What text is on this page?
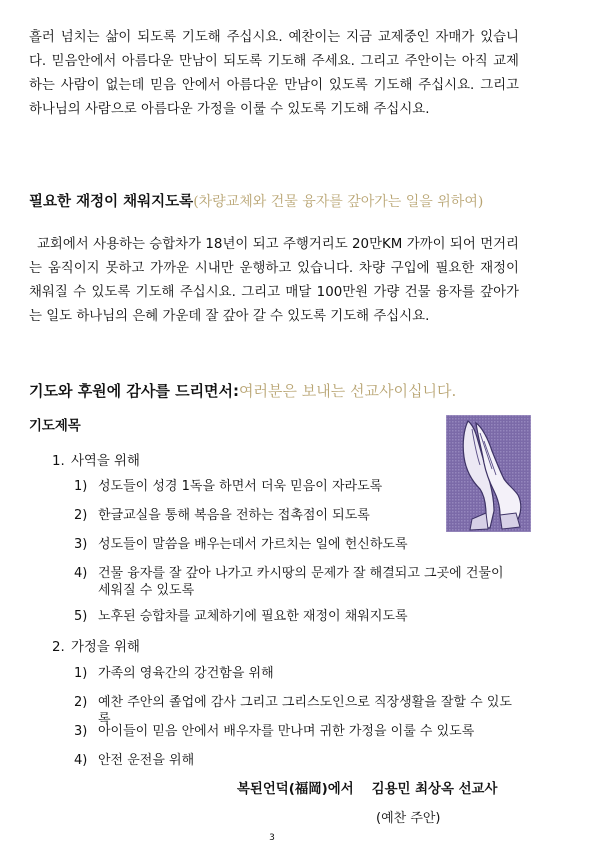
흘러 넘치는 삶이 되도록 기도해 주십시요. 예찬이는 지금 교제중인 자매가 있습니다. 믿음안에서 아름다운 만남이 되도록 기도해 주세요. 그리고 주안이는 아직 교제하는 사람이 없는데 믿음 안에서 아름다운 만남이 있도록 기도해 주십시요. 그리고 하나님의 사람으로 아름다운 가정을 이룰 수 있도록 기도해 주십시요.

필요한 재정이 채워지도록(차량교체와 건물 융자를 갚아가는 일을 위하여)

교회에서 사용하는 승합차가 18년이 되고 주행거리도 20만KM 가까이 되어 먼거리는 움직이지 못하고 가까운 시내만 운행하고 있습니다. 차량 구입에 필요한 재정이 채워질 수 있도록 기도해 주십시요. 그리고 매달 100만원 가량 건물 융자를 갚아가는 일도 하나님의 은혜 가운데 잘 갚아 갈 수 있도록 기도해 주십시요.

기도와 후원에 감사를 드리면서:여러분은 보내는 선교사이십니다.

기도제목

1. 사역을 위해

1) 성도들이 성경 1독을 하면서 더욱 믿음이 자라도록
2) 한글교실을 통해 복음을 전하는 접촉점이 되도록
3) 성도들이 말씀을 배우는데서 가르치는 일에 헌신하도록
4) 건물 융자를 잘 갚아 나가고 카시땅의 문제가 잘 해결되고 그곳에 건물이 세워질 수 있도록
5) 노후된 승합차를 교체하기에 필요한 재정이 채워지도록

2. 가정을 위해

1) 가족의 영육간의 강건함을 위해
2) 예찬 주안의 졸업에 감사 그리고 그리스도인으로 직장생활을 잘할 수 있도록
3) 아이들이 믿음 안에서 배우자를 만나며 귀한 가정을 이룰 수 있도록
4) 안전 운전을 위해

복된언덕(福岡)에서 김용민 최상옥 선교사

(예찬 주안)

3
